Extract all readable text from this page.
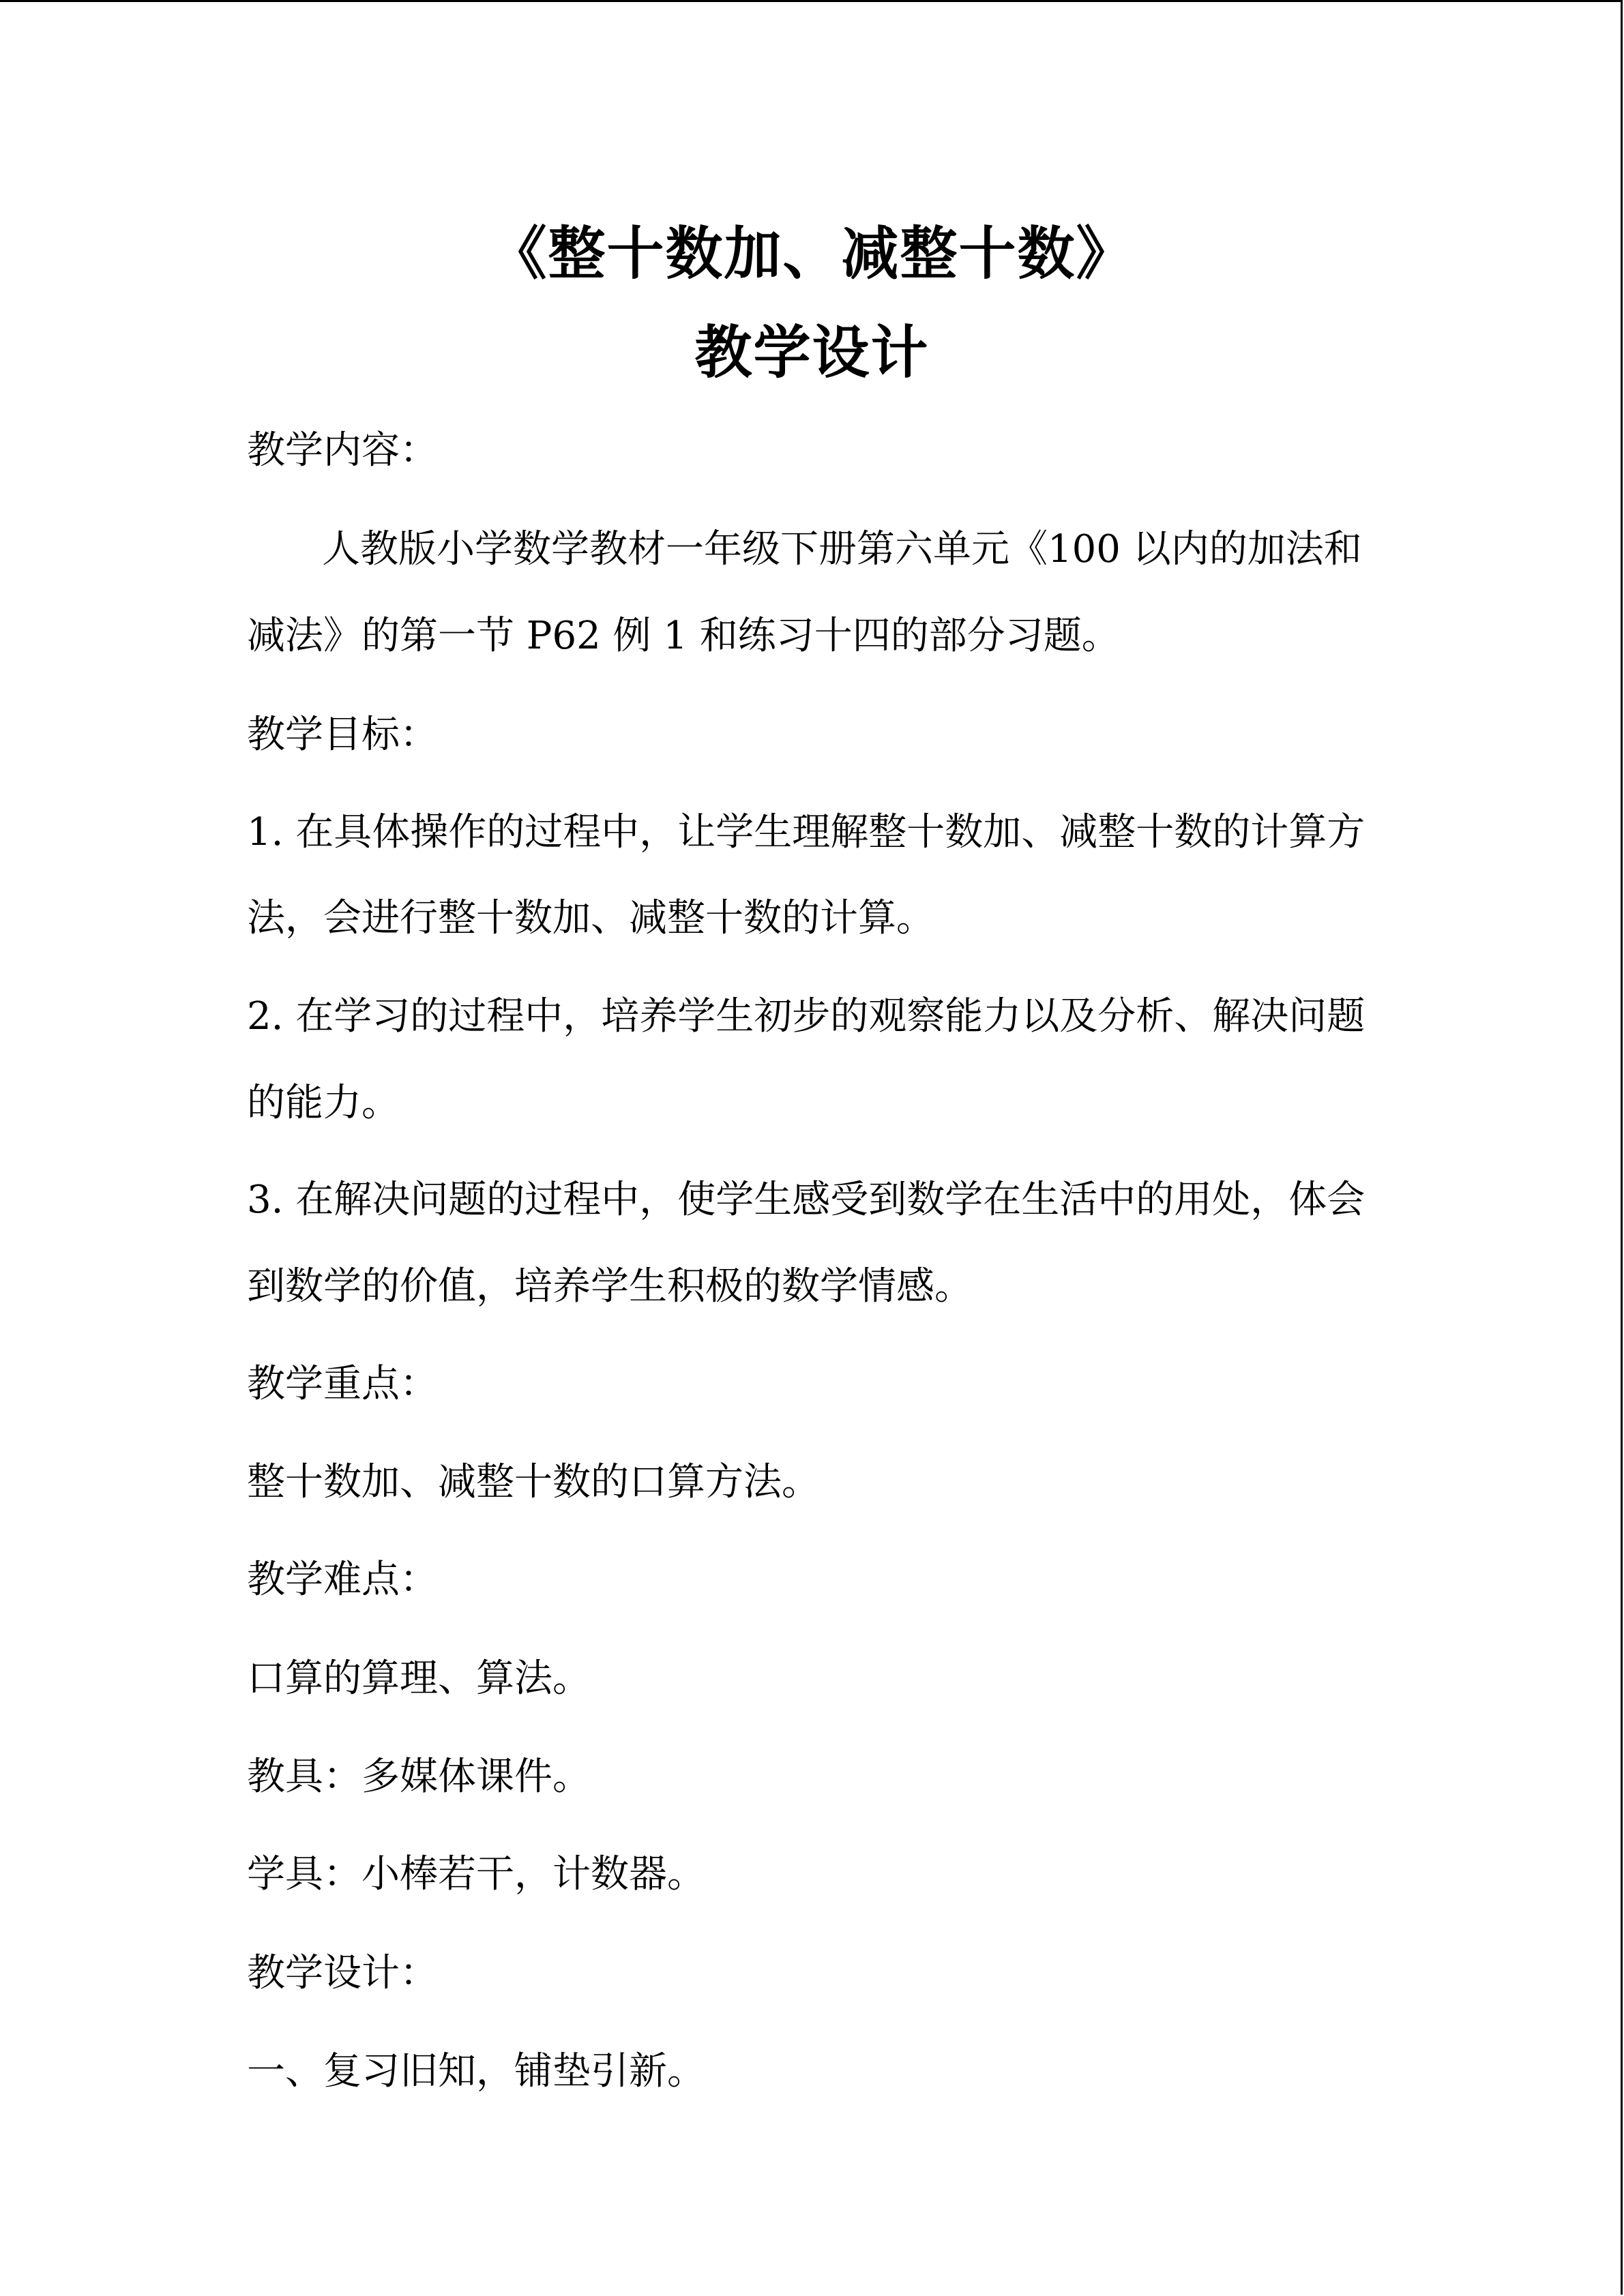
《整十数加、减整十数》
教学设计
教学内容：
人教版小学数学教材一年级下册第六单元《100 以内的加法和
减法》的第一节 P62 例 1 和练习十四的部分习题。
教学目标：
1. 在具体操作的过程中，让学生理解整十数加、减整十数的计算方
法，会进行整十数加、减整十数的计算。
2. 在学习的过程中，培养学生初步的观察能力以及分析、解决问题
的能力。
3. 在解决问题的过程中，使学生感受到数学在生活中的用处，体会
到数学的价值，培养学生积极的数学情感。
教学重点：
整十数加、减整十数的口算方法。
教学难点：
口算的算理、算法。
教具：多媒体课件。
学具：小棒若干，计数器。
教学设计：
一、复习旧知，铺垫引新。
